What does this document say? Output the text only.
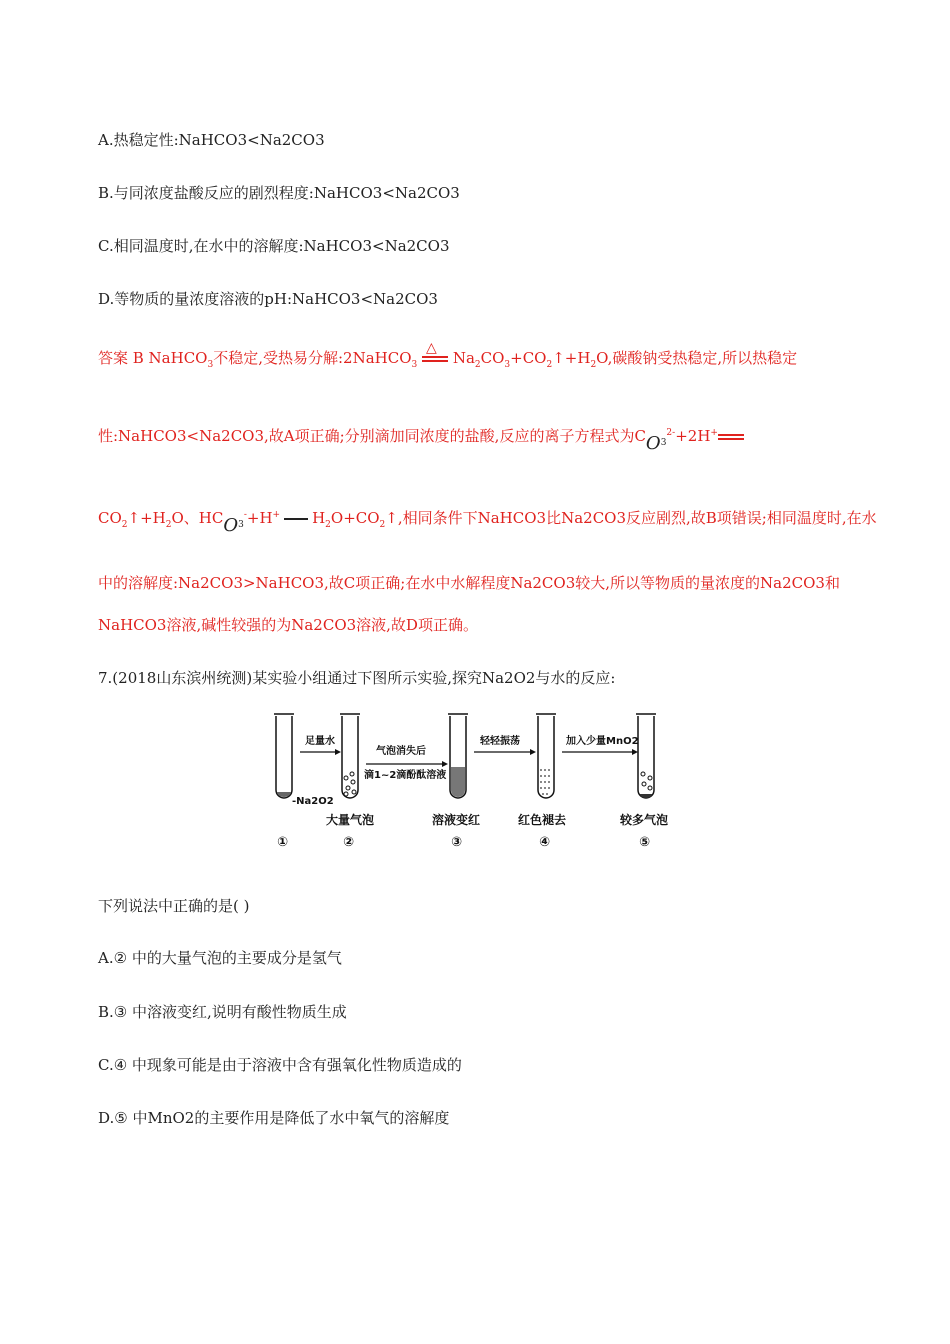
A.热稳定性:NaHCO3<Na2CO3
B.与同浓度盐酸反应的剧烈程度:NaHCO3<Na2CO3
C.相同温度时,在水中的溶解度:NaHCO3<Na2CO3
D.等物质的量浓度溶液的pH:NaHCO3<Na2CO3
答案 B NaHCO$_3$不稳定,受热易分解:2NaHCO$_3$
△
$Na_2CO_3+CO_2↑+H_2O$,碳酸钠受热稳定,所以热稳定
性:NaHCO3<Na2CO3,故A项正确;分别滴加同浓度的盐酸,反应的离子方程式为$CO_3^{2-}+2H^+$
$CO_2↑+H_2O$、$HCO_3^-+H^+$ $H_2O+CO_2↑$,相同条件下NaHCO3比Na2CO3反应剧烈,故B项错误;相同温度时,在水
中的溶解度:Na2CO3>NaHCO3,故C项正确;在水中水解程度Na2CO3较大,所以等物质的量浓度的Na2CO3和
NaHCO3溶液,碱性较强的为Na2CO3溶液,故D项正确。
7.(2018山东滨州统测)某实验小组通过下图所示实验,探究Na2O2与水的反应:
-Na2O2
足量水
气泡消失后
滴1~2滴酚酞溶液
轻轻振荡	加入少量MnO2
大量气泡	溶液变红	红色褪去	较多气泡
①	②	③	④	⑤
下列说法中正确的是( )
A.② 中的大量气泡的主要成分是氢气
B.③ 中溶液变红,说明有酸性物质生成
C.④ 中现象可能是由于溶液中含有强氧化性物质造成的
D.⑤ 中MnO2的主要作用是降低了水中氧气的溶解度
